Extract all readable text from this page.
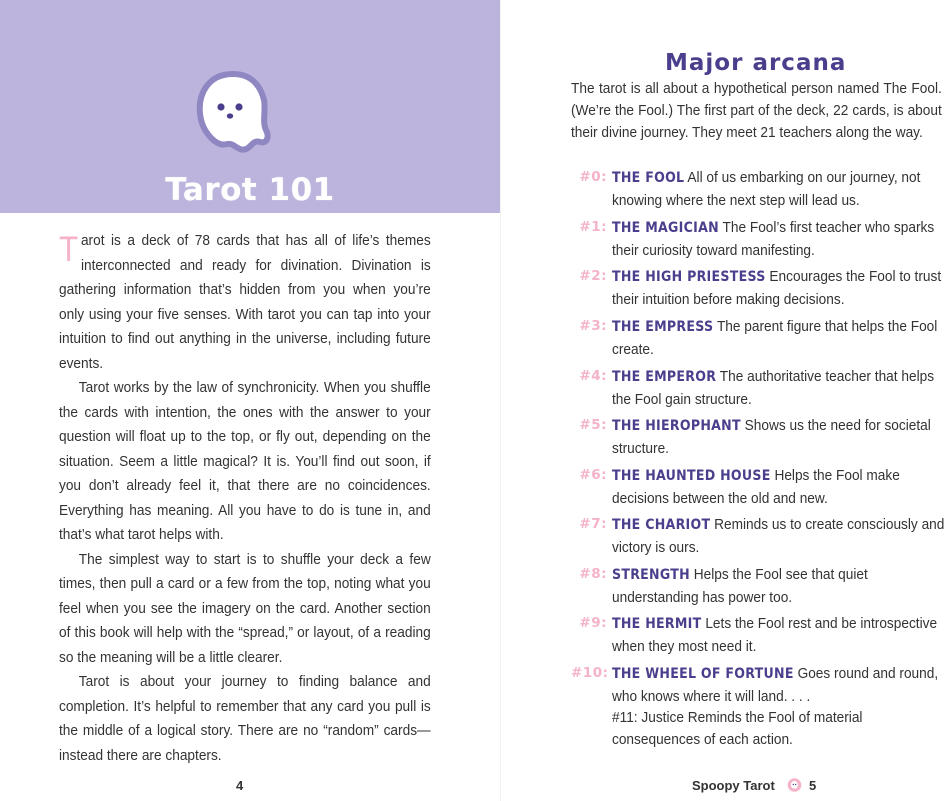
Tarot 101

Tarot is a deck of 78 cards that has all of life’s themes interconnected and ready for divination. Divination is gathering information that’s hidden from you when you’re only using your five senses. With tarot you can tap into your intuition to find out anything in the universe, including future events.

Tarot works by the law of synchronicity. When you shuffle the cards with intention, the ones with the answer to your question will float up to the top, or fly out, depending on the situation. Seem a little magical? It is. You’ll find out soon, if you don’t already feel it, that there are no coincidences. Everything has meaning. All you have to do is tune in, and that’s what tarot helps with.

The simplest way to start is to shuffle your deck a few times, then pull a card or a few from the top, noting what you feel when you see the imagery on the card. Another section of this book will help with the “spread,” or layout, of a reading so the meaning will be a little clearer.

Tarot is about your journey to finding balance and completion. It’s helpful to remember that any card you pull is the middle of a logical story. There are no “random” cards—instead there are chapters.

4
Major arcana

The tarot is all about a hypothetical person named The Fool. (We’re the Fool.) The first part of the deck, 22 cards, is about their divine journey. They meet 21 teachers along the way.

#0: THE FOOL All of us embarking on our journey, not knowing where the next step will lead us.
#1: THE MAGICIAN The Fool’s first teacher who sparks their curiosity toward manifesting.
#2: THE HIGH PRIESTESS Encourages the Fool to trust their intuition before making decisions.
#3: THE EMPRESS The parent figure that helps the Fool create.
#4: THE EMPEROR The authoritative teacher that helps the Fool gain structure.
#5: THE HIEROPHANT Shows us the need for societal structure.
#6: THE HAUNTED HOUSE Helps the Fool make decisions between the old and new.
#7: THE CHARIOT Reminds us to create consciously and victory is ours.
#8: STRENGTH Helps the Fool see that quiet understanding has power too.
#9: THE HERMIT Lets the Fool rest and be introspective when they most need it.
#10: THE WHEEL OF FORTUNE Goes round and round, who knows where it will land. . . .
#11: Justice Reminds the Fool of material consequences of each action.
Spoopy Tarot	5
